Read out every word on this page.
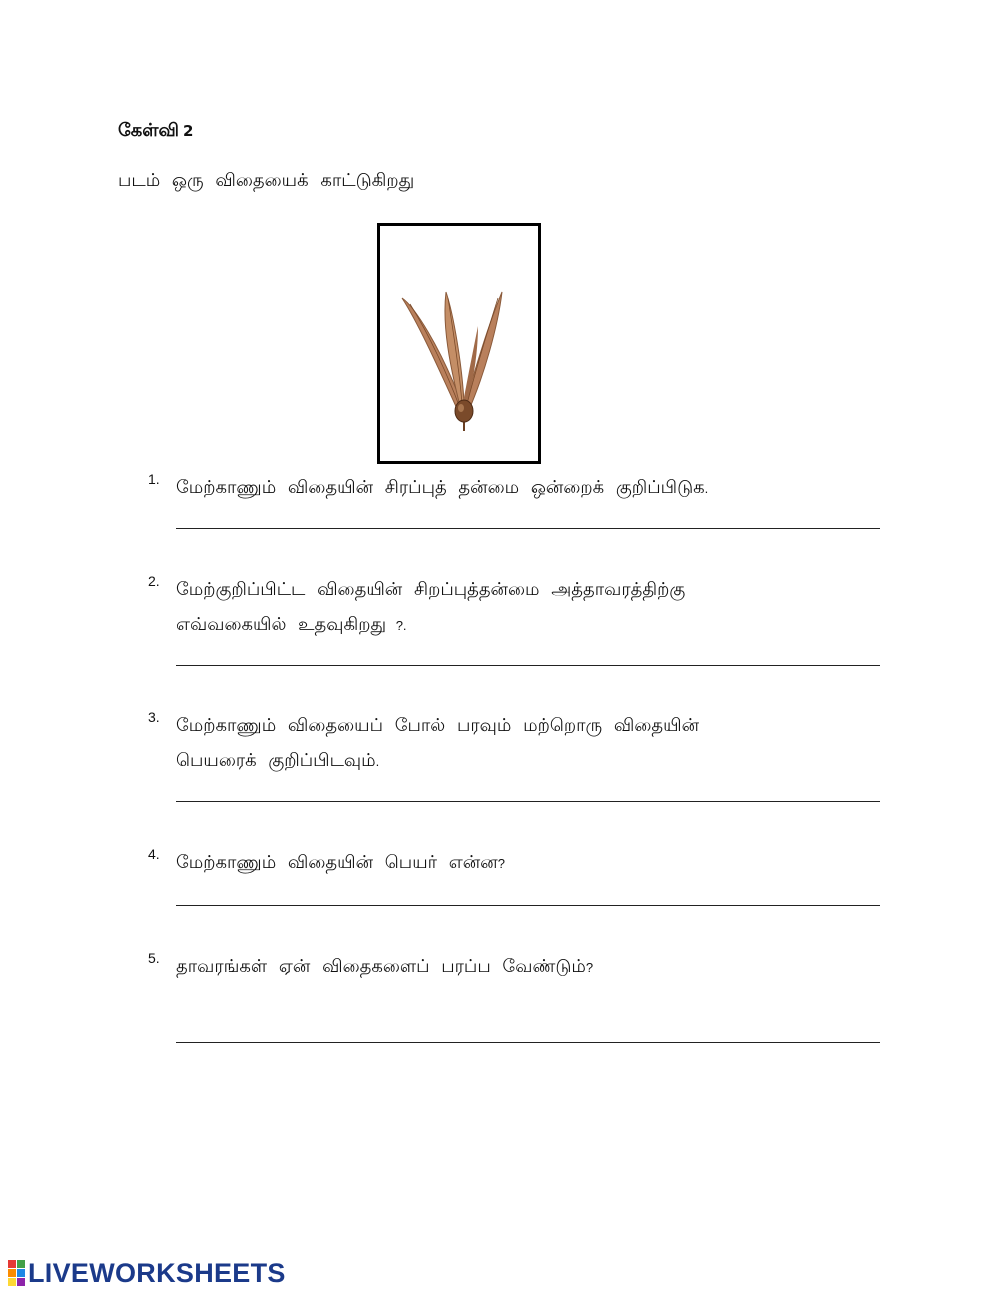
கேள்வி 2
படம் ஒரு விதையைக் காட்டுகிறது
1. மேற்காணும் விதையின் சிரப்புத் தன்மை ஒன்றைக் குறிப்பிடுக.
2. மேற்குறிப்பிட்ட விதையின் சிறப்புத்தன்மை அத்தாவரத்திற்கு
எவ்வகையில் உதவுகிறது ?.
3. மேற்காணும் விதையைப் போல் பரவும் மற்றொரு விதையின்
பெயரைக் குறிப்பிடவும்.
4. மேற்காணும் விதையின் பெயர் என்ன?
5. தாவரங்கள் ஏன் விதைகளைப் பரப்ப வேண்டும்?
LIVEWORKSHEETS
